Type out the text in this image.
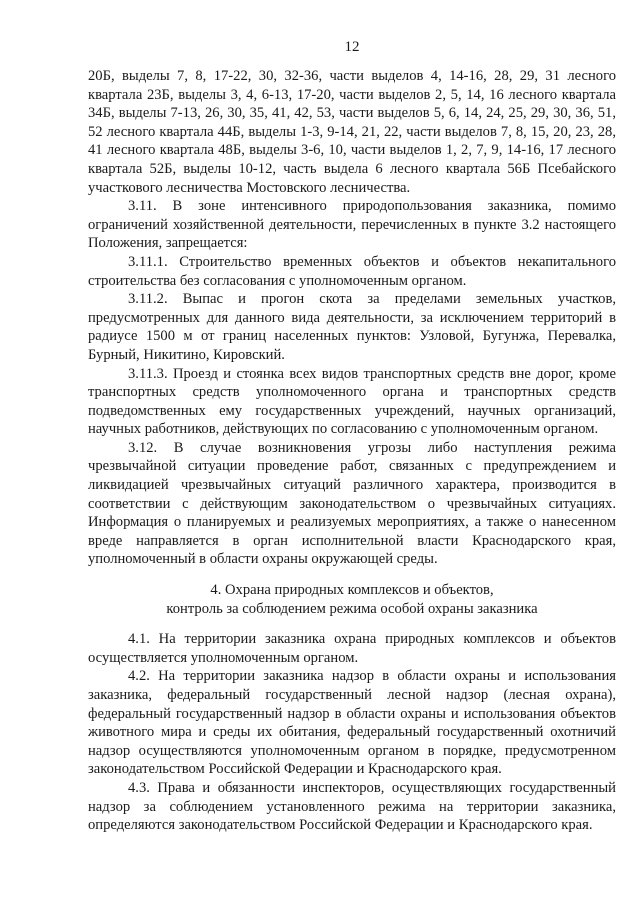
12

20Б, выделы 7, 8, 17-22, 30, 32-36, части выделов 4, 14-16, 28, 29, 31 лесного квартала 23Б, выделы 3, 4, 6-13, 17-20, части выделов 2, 5, 14, 16 лесного квартала 34Б, выделы 7-13, 26, 30, 35, 41, 42, 53, части выделов 5, 6, 14, 24, 25, 29, 30, 36, 51, 52 лесного квартала 44Б, выделы 1-3, 9-14, 21, 22, части выделов 7, 8, 15, 20, 23, 28, 41 лесного квартала 48Б, выделы 3-6, 10, части выделов 1, 2, 7, 9, 14-16, 17 лесного квартала 52Б, выделы 10-12, часть выдела 6 лесного квартала 56Б Псебайского участкового лесничества Мостовского лесничества.

3.11. В зоне интенсивного природопользования заказника, помимо ограничений хозяйственной деятельности, перечисленных в пункте 3.2 настоящего Положения, запрещается:

3.11.1. Строительство временных объектов и объектов некапитального строительства без согласования с уполномоченным органом.

3.11.2. Выпас и прогон скота за пределами земельных участков, предусмотренных для данного вида деятельности, за исключением территорий в радиусе 1500 м от границ населенных пунктов: Узловой, Бугунжа, Перевалка, Бурный, Никитино, Кировский.

3.11.3. Проезд и стоянка всех видов транспортных средств вне дорог, кроме транспортных средств уполномоченного органа и транспортных средств подведомственных ему государственных учреждений, научных организаций, научных работников, действующих по согласованию с уполномоченным органом.

3.12. В случае возникновения угрозы либо наступления режима чрезвычайной ситуации проведение работ, связанных с предупреждением и ликвидацией чрезвычайных ситуаций различного характера, производится в соответствии с действующим законодательством о чрезвычайных ситуациях. Информация о планируемых и реализуемых мероприятиях, а также о нанесенном вреде направляется в орган исполнительной власти Краснодарского края, уполномоченный в области охраны окружающей среды.

4. Охрана природных комплексов и объектов,
контроль за соблюдением режима особой охраны заказника

4.1. На территории заказника охрана природных комплексов и объектов осуществляется уполномоченным органом.

4.2. На территории заказника надзор в области охраны и использования заказника, федеральный государственный лесной надзор (лесная охрана), федеральный государственный надзор в области охраны и использования объектов животного мира и среды их обитания, федеральный государственный охотничий надзор осуществляются уполномоченным органом в порядке, предусмотренном законодательством Российской Федерации и Краснодарского края.

4.3. Права и обязанности инспекторов, осуществляющих государственный надзор за соблюдением установленного режима на территории заказника, определяются законодательством Российской Федерации и Краснодарского края.
